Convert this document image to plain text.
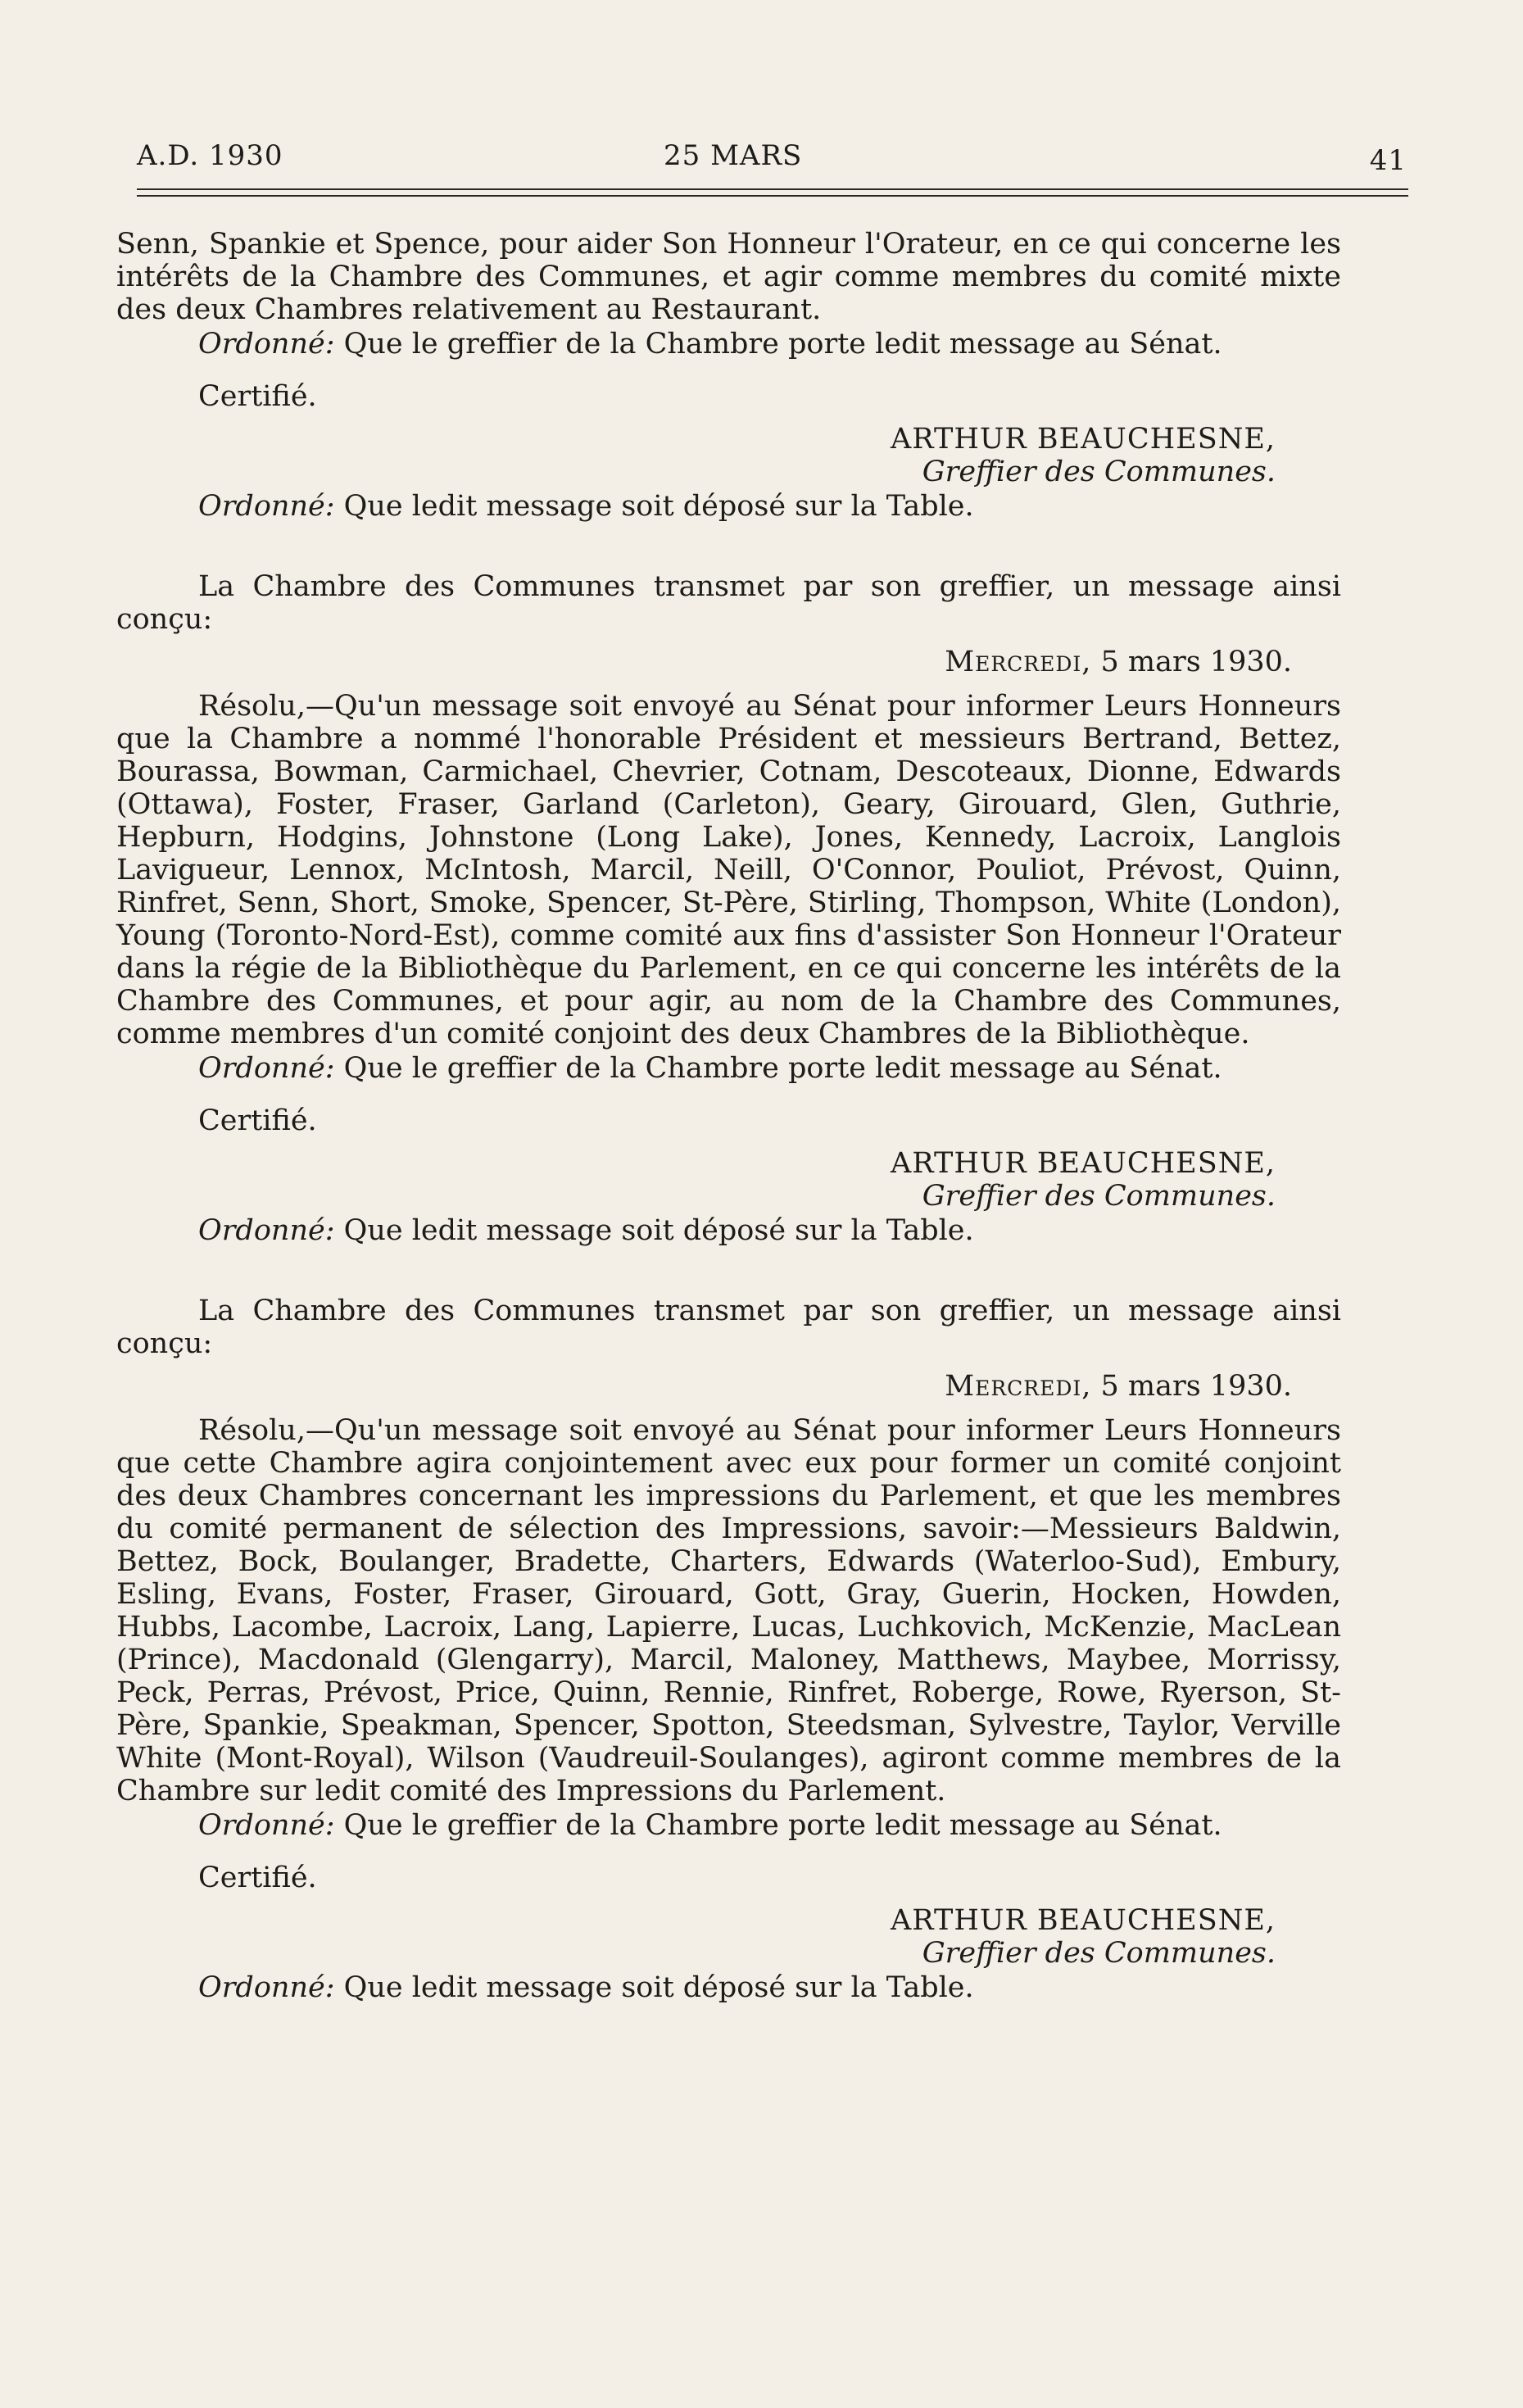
A.D. 1930	25 MARS	41

Senn, Spankie et Spence, pour aider Son Honneur l'Orateur, en ce qui concerne les intérêts de la Chambre des Communes, et agir comme membres du comité mixte des deux Chambres relativement au Restaurant.

Ordonné: Que le greffier de la Chambre porte ledit message au Sénat.

Certifié.

ARTHUR BEAUCHESNE,
Greffier des Communes.

Ordonné: Que ledit message soit déposé sur la Table.

La Chambre des Communes transmet par son greffier, un message ainsi conçu:

Mercredi, 5 mars 1930.

Résolu,—Qu'un message soit envoyé au Sénat pour informer Leurs Honneurs que la Chambre a nommé l'honorable Président et messieurs Bertrand, Bettez, Bourassa, Bowman, Carmichael, Chevrier, Cotnam, Descoteaux, Dionne, Edwards (Ottawa), Foster, Fraser, Garland (Carleton), Geary, Girouard, Glen, Guthrie, Hepburn, Hodgins, Johnstone (Long Lake), Jones, Kennedy, Lacroix, Langlois Lavigueur, Lennox, McIntosh, Marcil, Neill, O'Connor, Pouliot, Prévost, Quinn, Rinfret, Senn, Short, Smoke, Spencer, St-Père, Stirling, Thompson, White (London), Young (Toronto-Nord-Est), comme comité aux fins d'assister Son Honneur l'Orateur dans la régie de la Bibliothèque du Parlement, en ce qui concerne les intérêts de la Chambre des Communes, et pour agir, au nom de la Chambre des Communes, comme membres d'un comité conjoint des deux Chambres de la Bibliothèque.

Ordonné: Que le greffier de la Chambre porte ledit message au Sénat.

Certifié.

ARTHUR BEAUCHESNE,
Greffier des Communes.

Ordonné: Que ledit message soit déposé sur la Table.

La Chambre des Communes transmet par son greffier, un message ainsi conçu:

Mercredi, 5 mars 1930.

Résolu,—Qu'un message soit envoyé au Sénat pour informer Leurs Honneurs que cette Chambre agira conjointement avec eux pour former un comité conjoint des deux Chambres concernant les impressions du Parlement, et que les membres du comité permanent de sélection des Impressions, savoir:—Messieurs Baldwin, Bettez, Bock, Boulanger, Bradette, Charters, Edwards (Waterloo-Sud), Embury, Esling, Evans, Foster, Fraser, Girouard, Gott, Gray, Guerin, Hocken, Howden, Hubbs, Lacombe, Lacroix, Lang, Lapierre, Lucas, Luchkovich, McKenzie, MacLean (Prince), Macdonald (Glengarry), Marcil, Maloney, Matthews, Maybee, Morrissy, Peck, Perras, Prévost, Price, Quinn, Rennie, Rinfret, Roberge, Rowe, Ryerson, St-Père, Spankie, Speakman, Spencer, Spotton, Steedsman, Sylvestre, Taylor, Verville White (Mont-Royal), Wilson (Vaudreuil-Soulanges), agiront comme membres de la Chambre sur ledit comité des Impressions du Parlement.

Ordonné: Que le greffier de la Chambre porte ledit message au Sénat.

Certifié.

ARTHUR BEAUCHESNE,
Greffier des Communes.

Ordonné: Que ledit message soit déposé sur la Table.
